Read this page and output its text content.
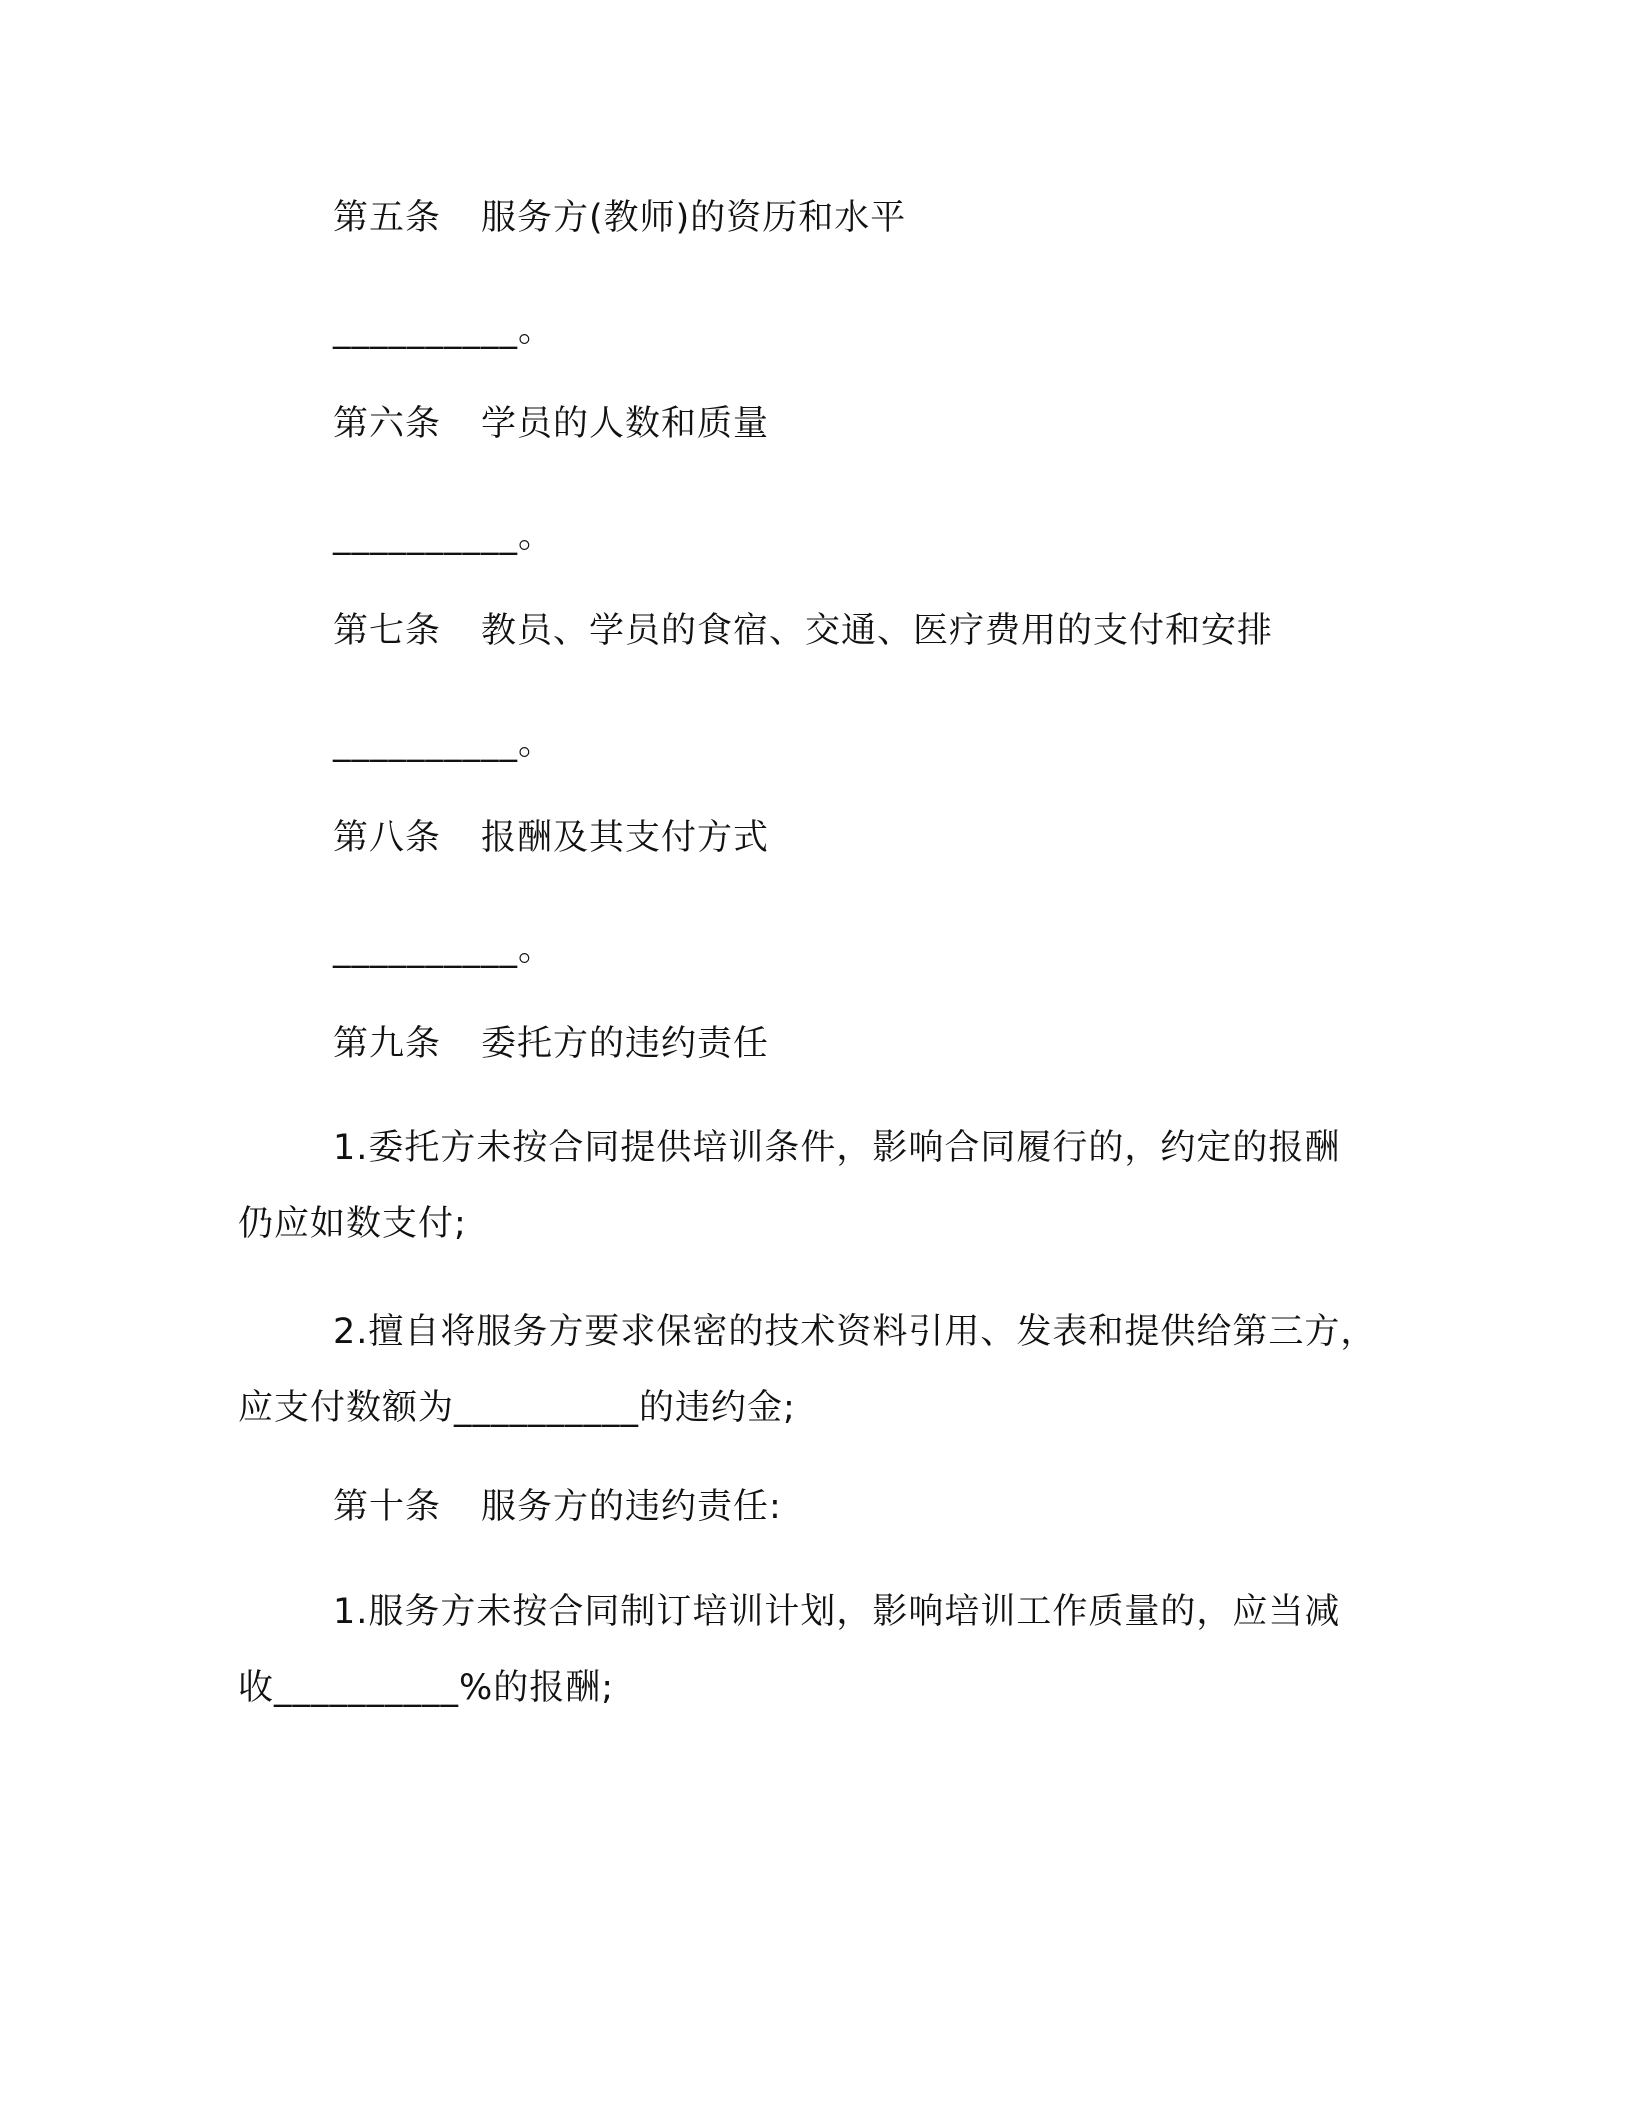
第五条 服务方(教师)的资历和水平
__________。
第六条 学员的人数和质量
__________。
第七条 教员、学员的食宿、交通、医疗费用的支付和安排
__________。
第八条 报酬及其支付方式
__________。
第九条 委托方的违约责任
1.委托方未按合同提供培训条件，影响合同履行的，约定的报酬
仍应如数支付;
2.擅自将服务方要求保密的技术资料引用、发表和提供给第三方，
应支付数额为__________的违约金;
第十条 服务方的违约责任:
1.服务方未按合同制订培训计划，影响培训工作质量的，应当减
收__________%的报酬;
